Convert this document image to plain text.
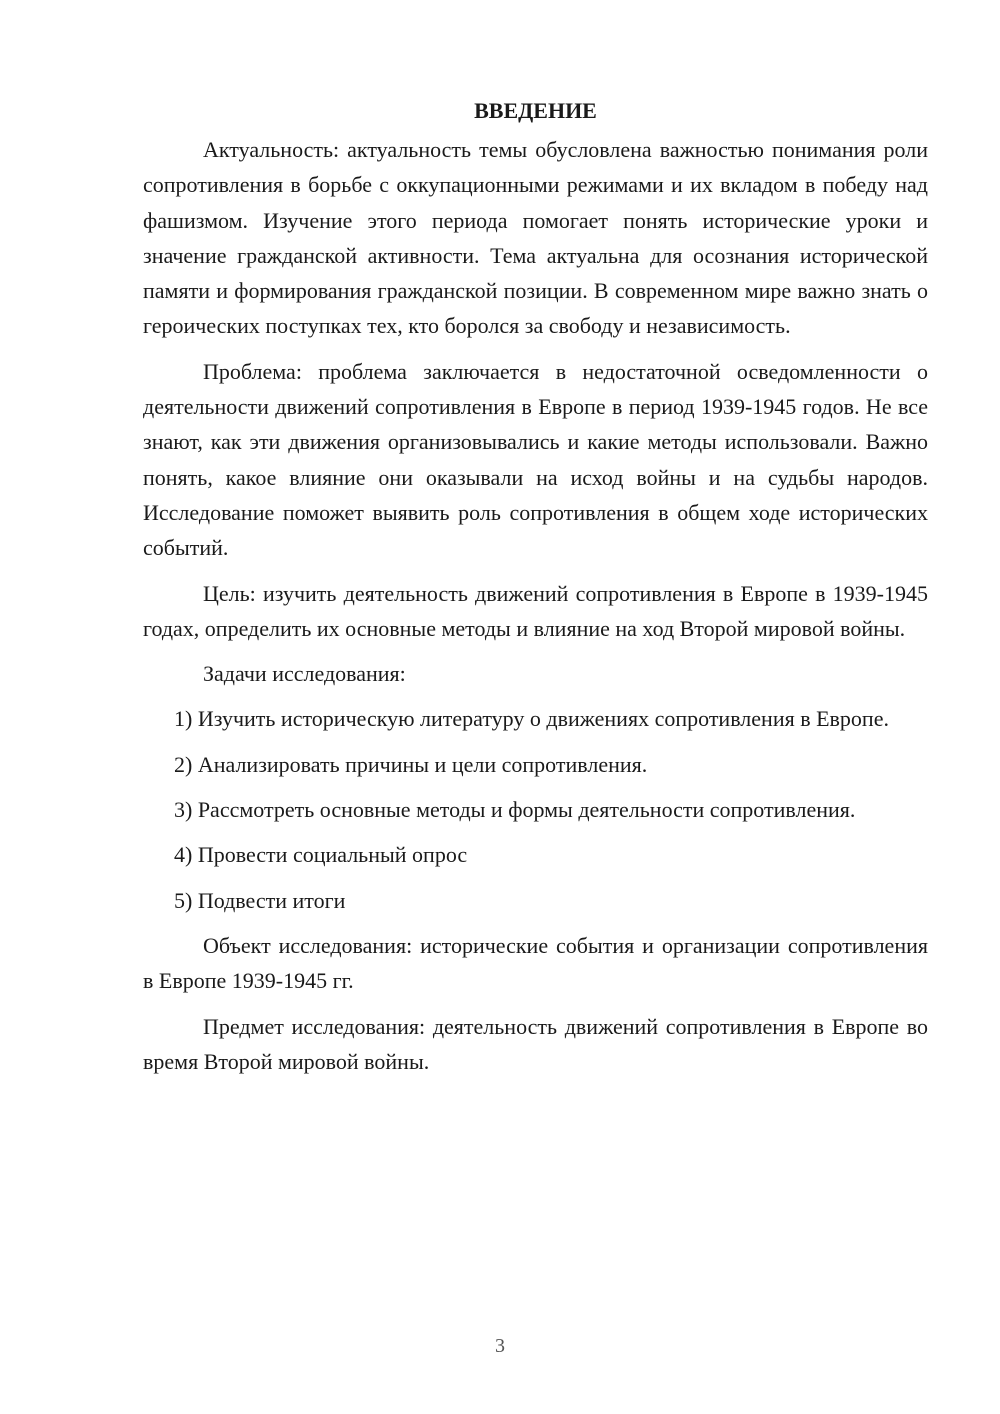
ВВЕДЕНИЕ

Актуальность: актуальность темы обусловлена важностью понимания роли сопротивления в борьбе с оккупационными режимами и их вкладом в победу над фашизмом. Изучение этого периода помогает понять исторические уроки и значение гражданской активности. Тема актуальна для осознания исторической памяти и формирования гражданской позиции. В современном мире важно знать о героических поступках тех, кто боролся за свободу и независимость.

Проблема: проблема заключается в недостаточной осведомленности о деятельности движений сопротивления в Европе в период 1939-1945 годов. Не все знают, как эти движения организовывались и какие методы использовали. Важно понять, какое влияние они оказывали на исход войны и на судьбы народов. Исследование поможет выявить роль сопротивления в общем ходе исторических событий.

Цель: изучить деятельность движений сопротивления в Европе в 1939-1945 годах, определить их основные методы и влияние на ход Второй мировой войны.

Задачи исследования:

1) Изучить историческую литературу о движениях сопротивления в Европе.

2) Анализировать причины и цели сопротивления.

3) Рассмотреть основные методы и формы деятельности сопротивления.

4) Провести социальный опрос

5) Подвести итоги

Объект исследования: исторические события и организации сопротивления в Европе 1939-1945 гг.

Предмет исследования: деятельность движений сопротивления в Европе во время Второй мировой войны.

3
